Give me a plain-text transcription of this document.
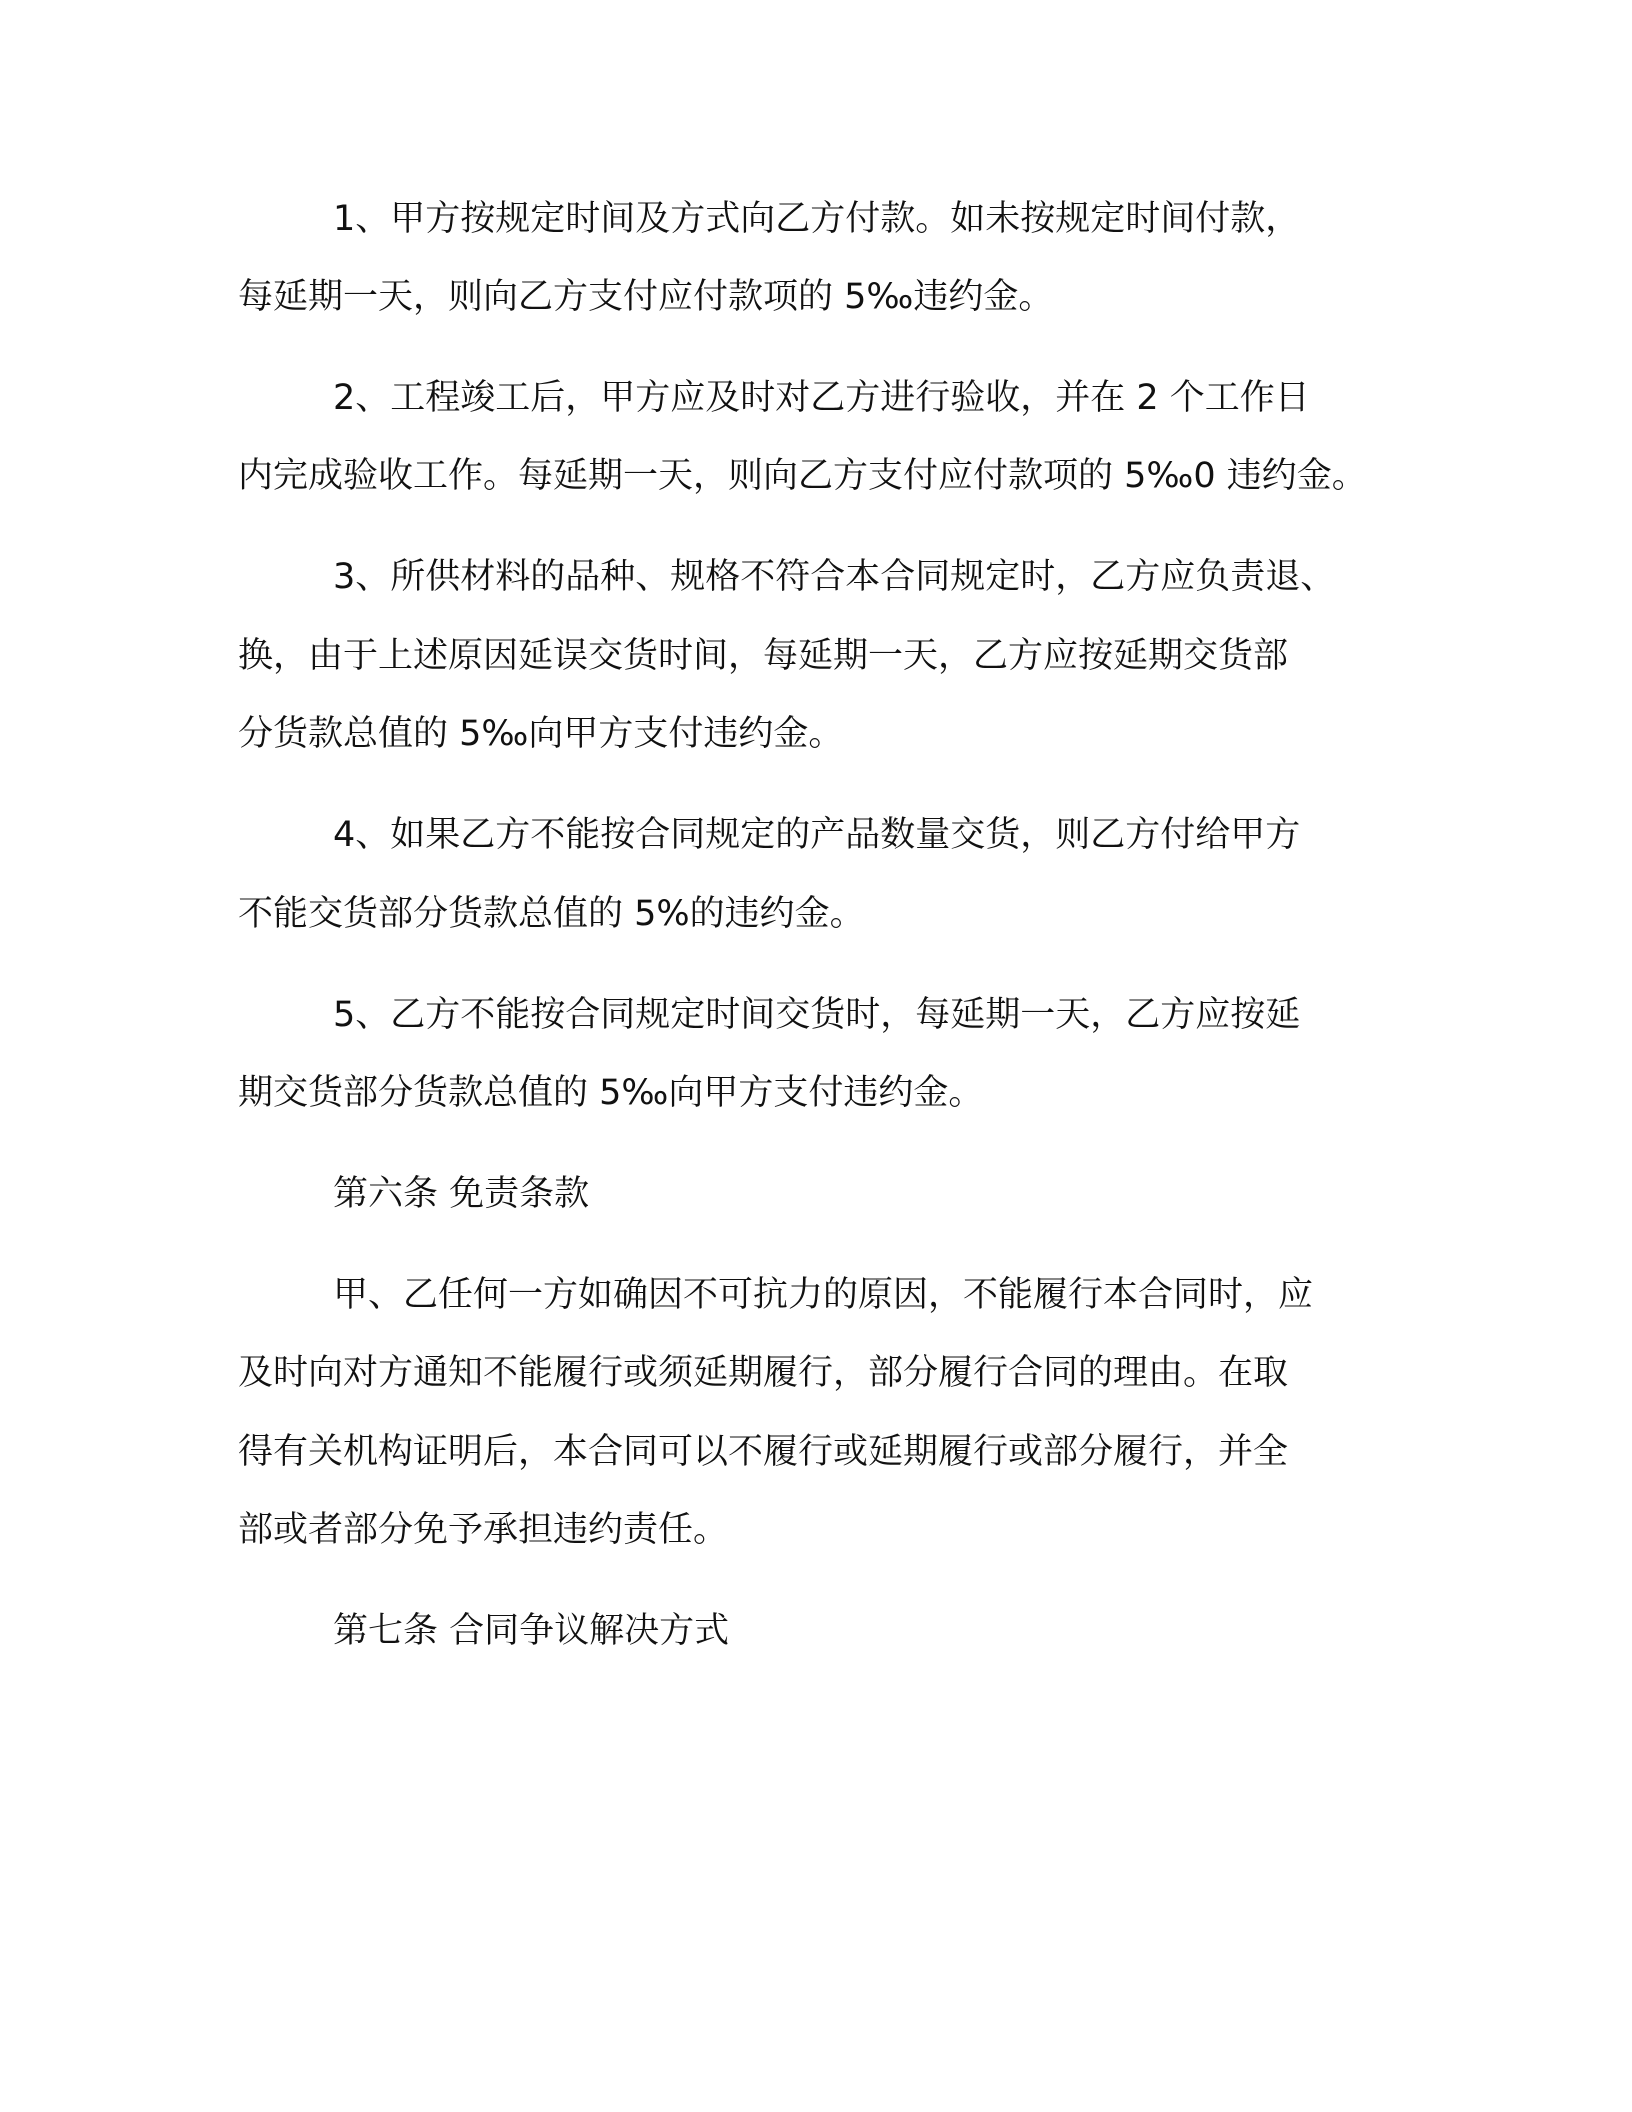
1、甲方按规定时间及方式向乙方付款。如未按规定时间付款，
每延期一天，则向乙方支付应付款项的 5‰违约金。
2、工程竣工后，甲方应及时对乙方进行验收，并在 2 个工作日
内完成验收工作。每延期一天，则向乙方支付应付款项的 5‰0 违约金。
3、所供材料的品种、规格不符合本合同规定时，乙方应负责退、
换，由于上述原因延误交货时间，每延期一天，乙方应按延期交货部
分货款总值的 5‰向甲方支付违约金。
4、如果乙方不能按合同规定的产品数量交货，则乙方付给甲方
不能交货部分货款总值的 5%的违约金。
5、乙方不能按合同规定时间交货时，每延期一天，乙方应按延
期交货部分货款总值的 5‰向甲方支付违约金。
第六条 免责条款
甲、乙任何一方如确因不可抗力的原因，不能履行本合同时，应
及时向对方通知不能履行或须延期履行，部分履行合同的理由。在取
得有关机构证明后，本合同可以不履行或延期履行或部分履行，并全
部或者部分免予承担违约责任。
第七条 合同争议解决方式
